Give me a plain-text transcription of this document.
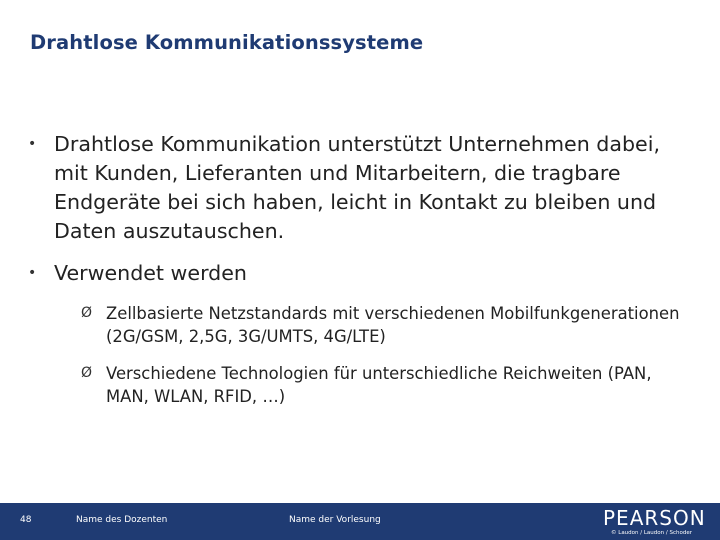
Drahtlose Kommunikationssysteme
• Drahtlose Kommunikation unterstützt Unternehmen dabei, mit Kunden, Lieferanten und Mitarbeitern, die tragbare Endgeräte bei sich haben, leicht in Kontakt zu bleiben und Daten auszutauschen.
• Verwendet werden
Ø Zellbasierte Netzstandards mit verschiedenen Mobilfunkgenerationen (2G/GSM, 2,5G, 3G/UMTS, 4G/LTE)
Ø Verschiedene Technologien für unterschiedliche Reichweiten (PAN, MAN, WLAN, RFID, …)
48	Name des Dozenten	Name der Vorlesung	PEARSON
© Laudon / Laudon / Schoder
